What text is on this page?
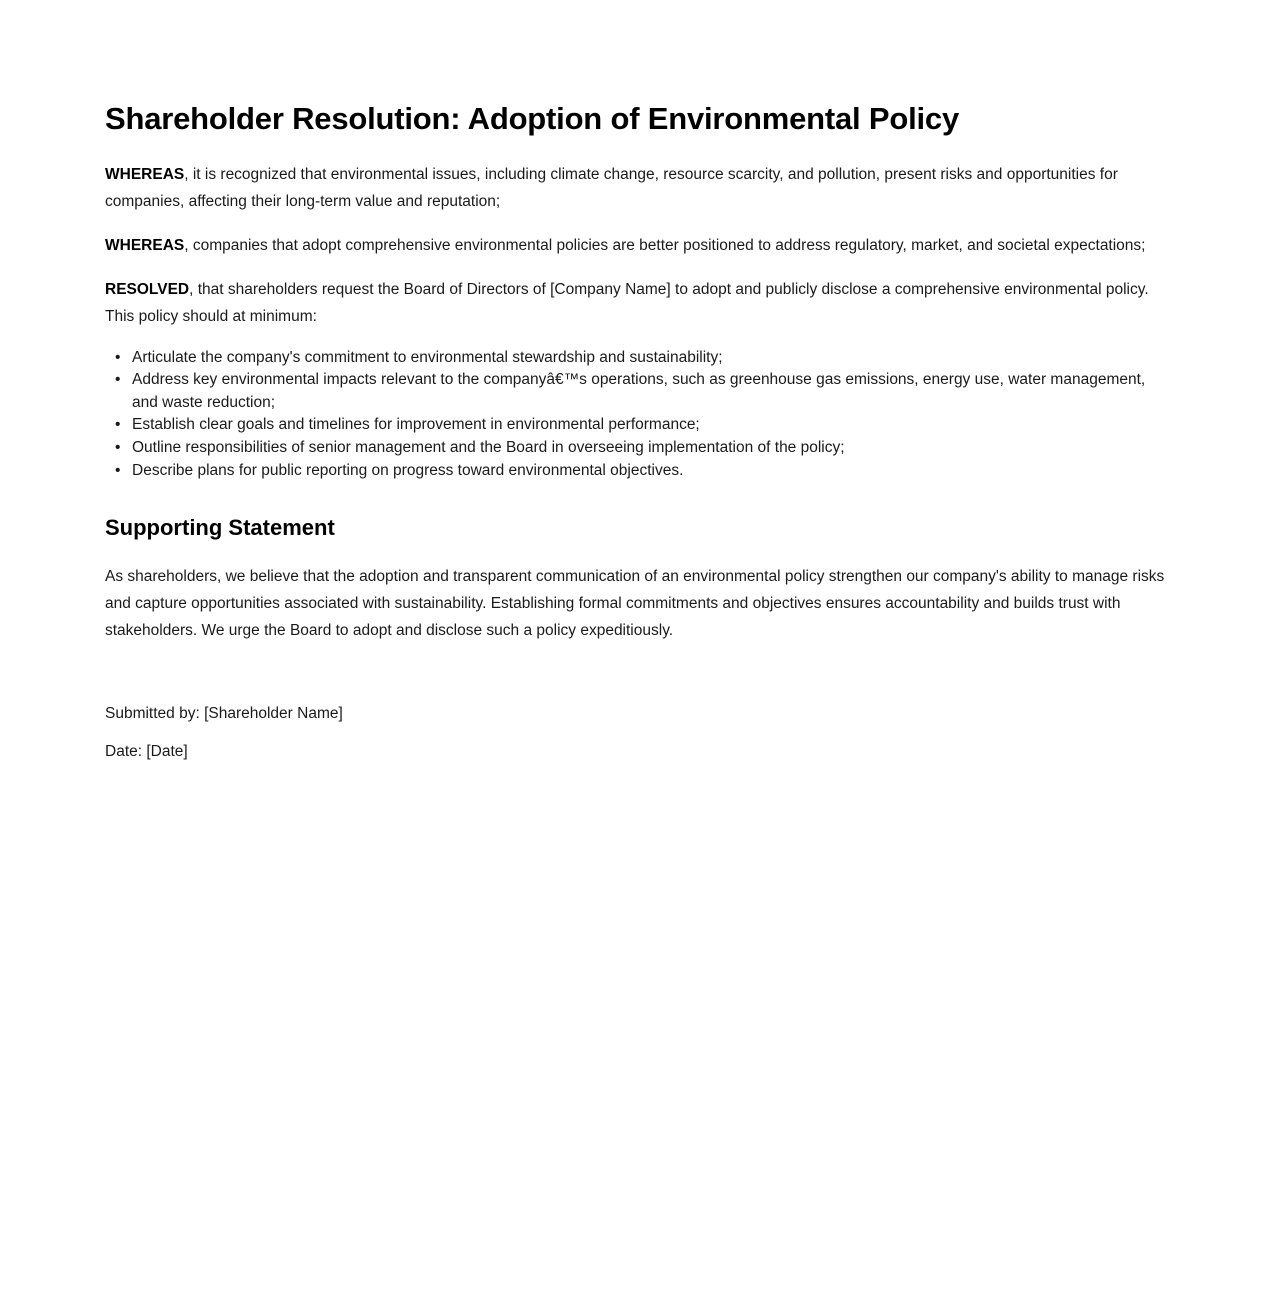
Shareholder Resolution: Adoption of Environmental Policy

WHEREAS, it is recognized that environmental issues, including climate change, resource scarcity, and pollution, present risks and opportunities for companies, affecting their long-term value and reputation;

WHEREAS, companies that adopt comprehensive environmental policies are better positioned to address regulatory, market, and societal expectations;

RESOLVED, that shareholders request the Board of Directors of [Company Name] to adopt and publicly disclose a comprehensive environmental policy. This policy should at minimum:

• Articulate the company's commitment to environmental stewardship and sustainability;
• Address key environmental impacts relevant to the companyâ€™s operations, such as greenhouse gas emissions, energy use, water management, and waste reduction;
• Establish clear goals and timelines for improvement in environmental performance;
• Outline responsibilities of senior management and the Board in overseeing implementation of the policy;
• Describe plans for public reporting on progress toward environmental objectives.
Supporting Statement

As shareholders, we believe that the adoption and transparent communication of an environmental policy strengthen our company's ability to manage risks and capture opportunities associated with sustainability. Establishing formal commitments and objectives ensures accountability and builds trust with stakeholders. We urge the Board to adopt and disclose such a policy expeditiously.

Submitted by: [Shareholder Name]

Date: [Date]
